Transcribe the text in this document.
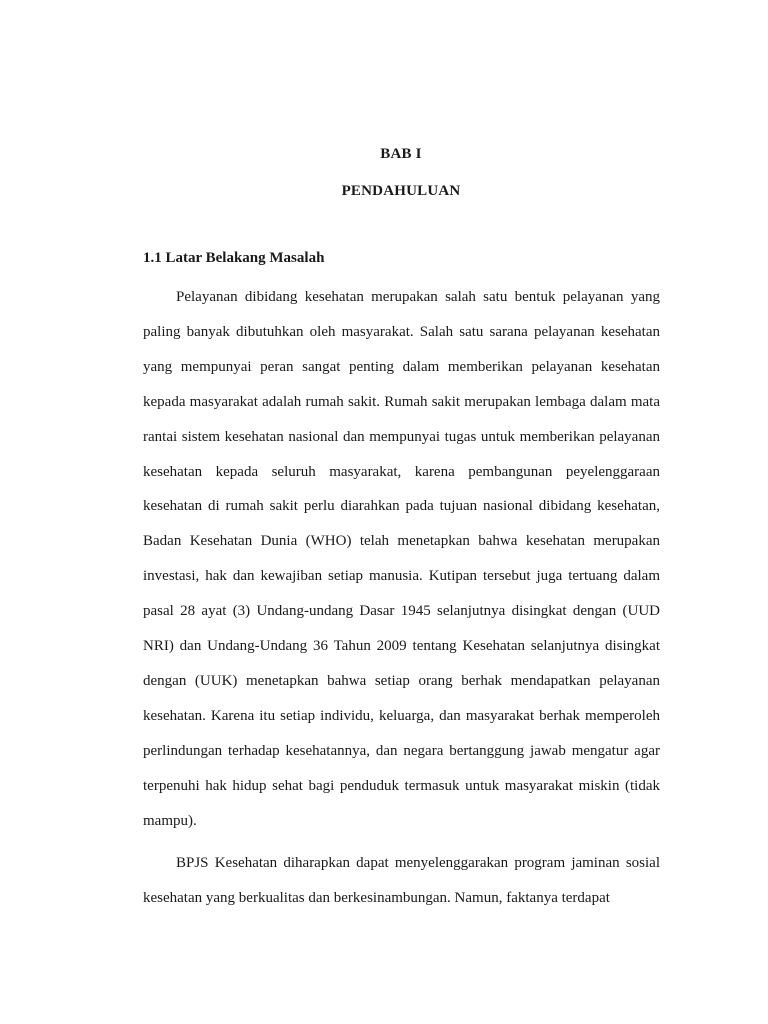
BAB I
PENDAHULUAN
1.1 Latar Belakang Masalah

Pelayanan dibidang kesehatan merupakan salah satu bentuk pelayanan yang paling banyak dibutuhkan oleh masyarakat. Salah satu sarana pelayanan kesehatan yang mempunyai peran sangat penting dalam memberikan pelayanan kesehatan kepada masyarakat adalah rumah sakit. Rumah sakit merupakan lembaga dalam mata rantai sistem kesehatan nasional dan mempunyai tugas untuk memberikan pelayanan kesehatan kepada seluruh masyarakat, karena pembangunan peyelenggaraan kesehatan di rumah sakit perlu diarahkan pada tujuan nasional dibidang kesehatan, Badan Kesehatan Dunia (WHO) telah menetapkan bahwa kesehatan merupakan investasi, hak dan kewajiban setiap manusia. Kutipan tersebut juga tertuang dalam pasal 28 ayat (3) Undang-undang Dasar 1945 selanjutnya disingkat dengan (UUD NRI) dan Undang-Undang 36 Tahun 2009 tentang Kesehatan selanjutnya disingkat dengan (UUK) menetapkan bahwa setiap orang berhak mendapatkan pelayanan kesehatan. Karena itu setiap individu, keluarga, dan masyarakat berhak memperoleh perlindungan terhadap kesehatannya, dan negara bertanggung jawab mengatur agar terpenuhi hak hidup sehat bagi penduduk termasuk untuk masyarakat miskin (tidak mampu).

BPJS Kesehatan diharapkan dapat menyelenggarakan program jaminan sosial kesehatan yang berkualitas dan berkesinambungan. Namun, faktanya terdapat
